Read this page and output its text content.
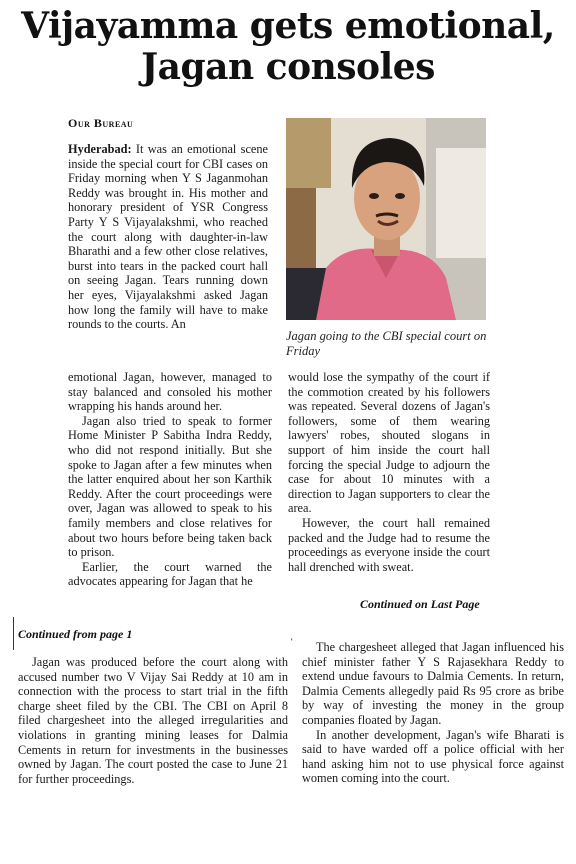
Vijayamma gets emotional,
Jagan consoles
Our Bureau

Hyderabad: It was an emotional scene inside the special court for CBI cases on Friday morning when Y S Jaganmohan Reddy was brought in. His mother and honorary president of YSR Congress Party Y S Vijayalakshmi, who reached the court along with daughter-in-law Bharathi and a few other close relatives, burst into tears in the packed court hall on seeing Jagan. Tears running down her eyes, Vijayalakshmi asked Jagan how long the family will have to make rounds to the courts. An

Jagan going to the CBI special court on Friday

emotional Jagan, however, managed to stay balanced and consoled his mother wrapping his hands around her.

Jagan also tried to speak to former Home Minister P Sabitha Indra Reddy, who did not respond initially. But she spoke to Jagan after a few minutes when the latter enquired about her son Karthik Reddy. After the court proceedings were over, Jagan was allowed to speak to his family members and close relatives for about two hours before being taken back to prison.

Earlier, the court warned the advocates appearing for Jagan that he

would lose the sympathy of the court if the commotion created by his followers was repeated. Several dozens of Jagan's followers, some of them wearing lawyers' robes, shouted slogans in support of him inside the court hall forcing the special Judge to adjourn the case for about 10 minutes with a direction to Jagan supporters to clear the area.

However, the court hall remained packed and the Judge had to resume the proceedings as everyone inside the court hall drenched with sweat.

Continued on Last Page
Continued from page 1
‘

Jagan was produced before the court along with accused number two V Vijay Sai Reddy at 10 am in connection with the process to start trial in the fifth charge sheet filed by the CBI. The CBI on April 8 filed chargesheet into the alleged irregularities and violations in granting mining leases for Dalmia Cements in return for investments in the businesses owned by Jagan. The court posted the case to June 21 for further proceedings.

The chargesheet alleged that Jagan influenced his chief minister father Y S Rajasekhara Reddy to extend undue favours to Dalmia Cements. In return, Dalmia Cements allegedly paid Rs 95 crore as bribe by way of investing the money in the group companies floated by Jagan.

In another development, Jagan's wife Bharati is said to have warded off a police official with her hand asking him not to use physical force against women coming into the court.
